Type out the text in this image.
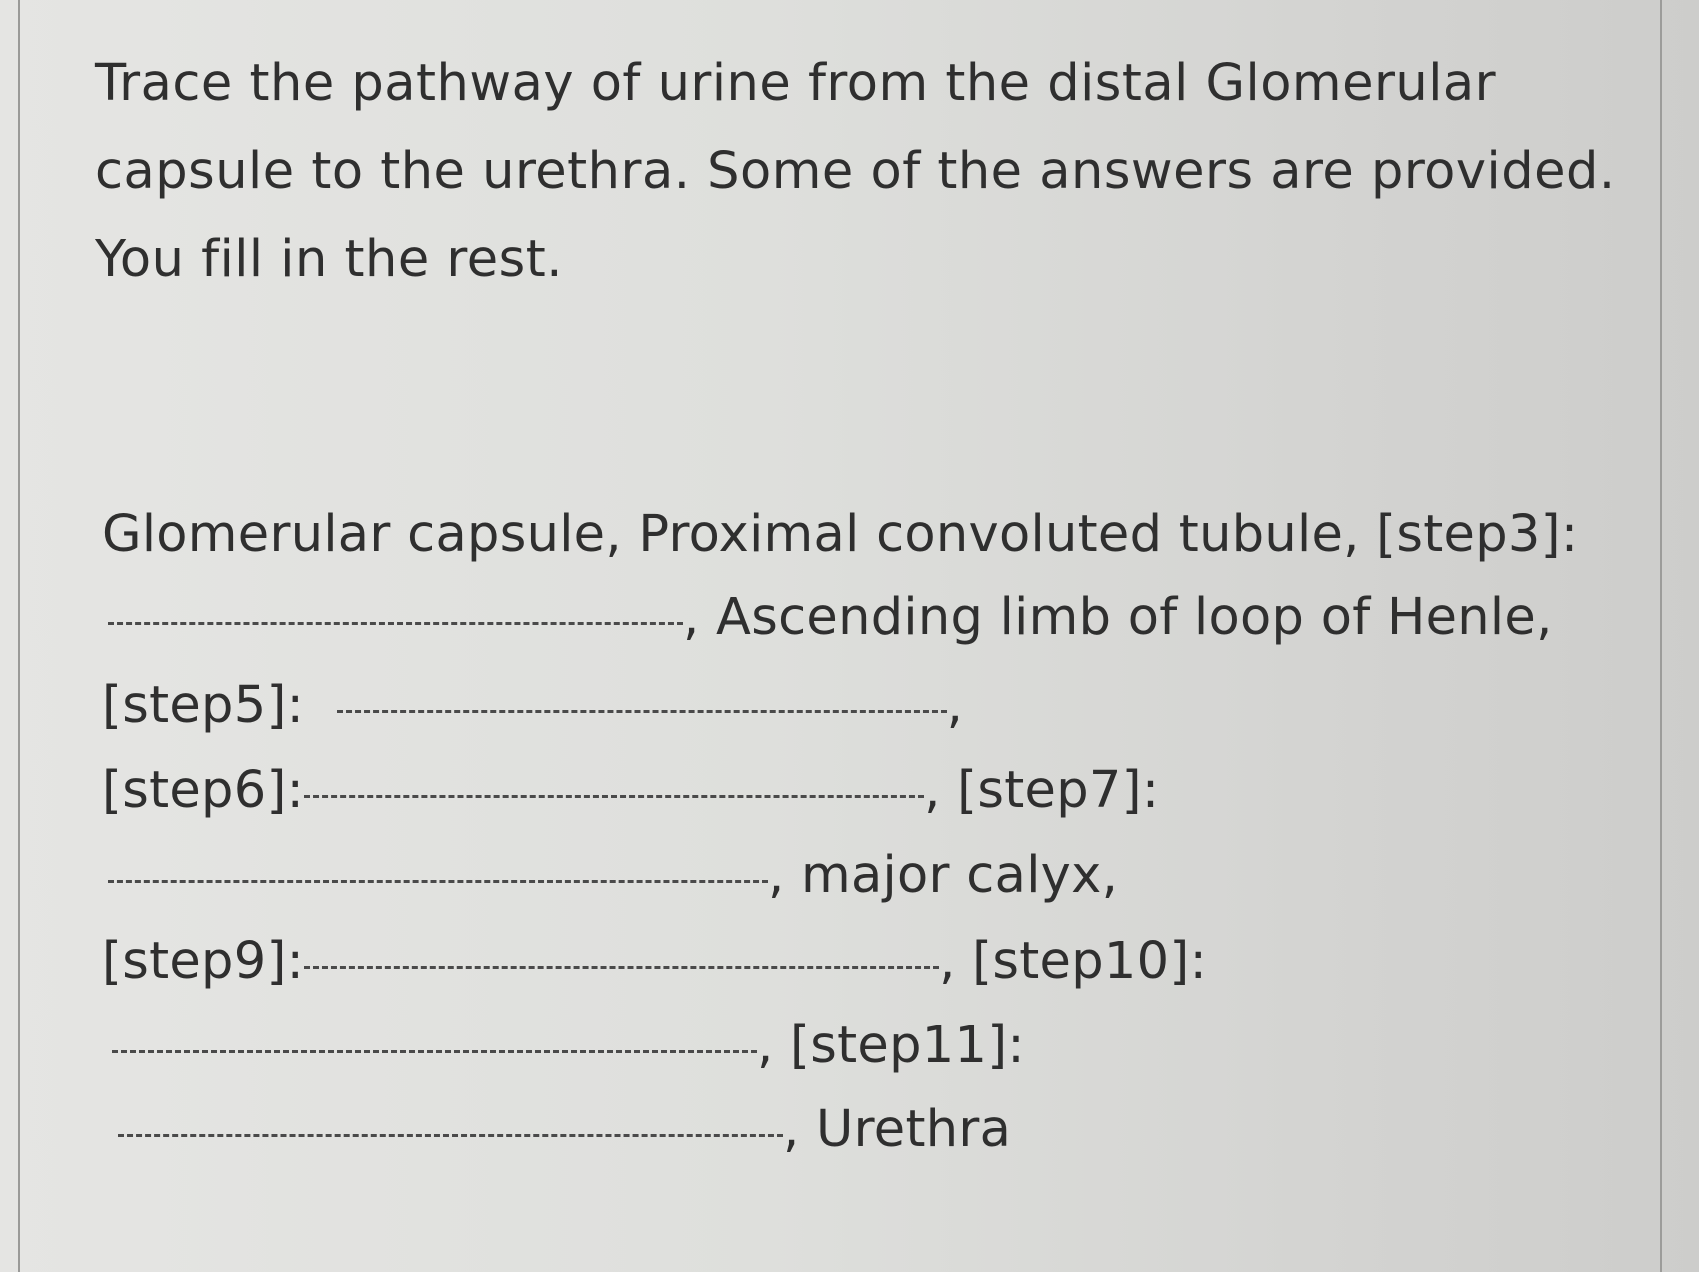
Trace the pathway of urine from the distal Glomerular
capsule to the urethra. Some of the answers are provided.
You fill in the rest.
Glomerular capsule, Proximal convoluted tubule, [step3]:
, Ascending limb of loop of Henle,
[step5]:	,
[step6]:	, [step7]:
, major calyx,
[step9]:	, [step10]:
, [step11]:
, Urethra
